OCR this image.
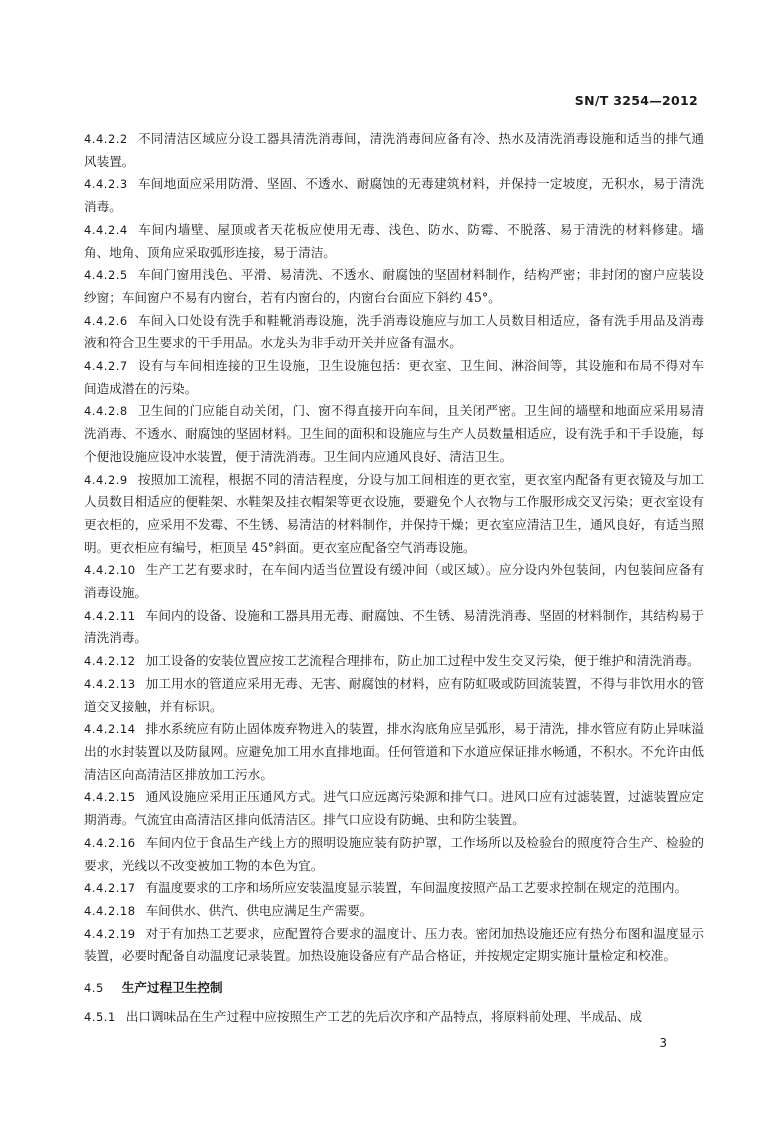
SN/T 3254—2012

4.4.2.2 不同清洁区域应分设工器具清洗消毒间，清洗消毒间应备有冷、热水及清洗消毒设施和适当的排气通风装置。

4.4.2.3 车间地面应采用防滑、坚固、不透水、耐腐蚀的无毒建筑材料，并保持一定坡度，无积水，易于清洗消毒。

4.4.2.4 车间内墙壁、屋顶或者天花板应使用无毒、浅色、防水、防霉、不脱落、易于清洗的材料修建。墙角、地角、顶角应采取弧形连接，易于清洁。

4.4.2.5 车间门窗用浅色、平滑、易清洗、不透水、耐腐蚀的坚固材料制作，结构严密；非封闭的窗户应装设纱窗；车间窗户不易有内窗台，若有内窗台的，内窗台台面应下斜约 45°。

4.4.2.6 车间入口处设有洗手和鞋靴消毒设施，洗手消毒设施应与加工人员数目相适应，备有洗手用品及消毒液和符合卫生要求的干手用品。水龙头为非手动开关并应备有温水。

4.4.2.7 设有与车间相连接的卫生设施，卫生设施包括：更衣室、卫生间、淋浴间等，其设施和布局不得对车间造成潜在的污染。

4.4.2.8 卫生间的门应能自动关闭，门、窗不得直接开向车间，且关闭严密。卫生间的墙壁和地面应采用易清洗消毒、不透水、耐腐蚀的坚固材料。卫生间的面积和设施应与生产人员数量相适应，设有洗手和干手设施，每个便池设施应设冲水装置，便于清洗消毒。卫生间内应通风良好、清洁卫生。

4.4.2.9 按照加工流程，根据不同的清洁程度，分设与加工间相连的更衣室，更衣室内配备有更衣镜及与加工人员数目相适应的便鞋架、水鞋架及挂衣帽架等更衣设施，要避免个人衣物与工作服形成交叉污染；更衣室设有更衣柜的，应采用不发霉、不生锈、易清洁的材料制作，并保持干燥；更衣室应清洁卫生，通风良好，有适当照明。更衣柜应有编号，柜顶呈 45°斜面。更衣室应配备空气消毒设施。

4.4.2.10 生产工艺有要求时，在车间内适当位置设有缓冲间（或区域）。应分设内外包装间，内包装间应备有消毒设施。

4.4.2.11 车间内的设备、设施和工器具用无毒、耐腐蚀、不生锈、易清洗消毒、坚固的材料制作，其结构易于清洗消毒。

4.4.2.12 加工设备的安装位置应按工艺流程合理排布，防止加工过程中发生交叉污染，便于维护和清洗消毒。

4.4.2.13 加工用水的管道应采用无毒、无害、耐腐蚀的材料，应有防虹吸或防回流装置，不得与非饮用水的管道交叉接触，并有标识。

4.4.2.14 排水系统应有防止固体废弃物进入的装置，排水沟底角应呈弧形，易于清洗，排水管应有防止异味溢出的水封装置以及防鼠网。应避免加工用水直排地面。任何管道和下水道应保证排水畅通，不积水。不允许由低清洁区向高清洁区排放加工污水。

4.4.2.15 通风设施应采用正压通风方式。进气口应远离污染源和排气口。进风口应有过滤装置，过滤装置应定期消毒。气流宜由高清洁区排向低清洁区。排气口应设有防蝇、虫和防尘装置。

4.4.2.16 车间内位于食品生产线上方的照明设施应装有防护罩，工作场所以及检验台的照度符合生产、检验的要求，光线以不改变被加工物的本色为宜。

4.4.2.17 有温度要求的工序和场所应安装温度显示装置，车间温度按照产品工艺要求控制在规定的范围内。

4.4.2.18 车间供水、供汽、供电应满足生产需要。

4.4.2.19 对于有加热工艺要求，应配置符合要求的温度计、压力表。密闭加热设施还应有热分布图和温度显示装置，必要时配备自动温度记录装置。加热设施设备应有产品合格证，并按规定定期实施计量检定和校准。

4.5 生产过程卫生控制

4.5.1 出口调味品在生产过程中应按照生产工艺的先后次序和产品特点，将原料前处理、半成品、成

3
